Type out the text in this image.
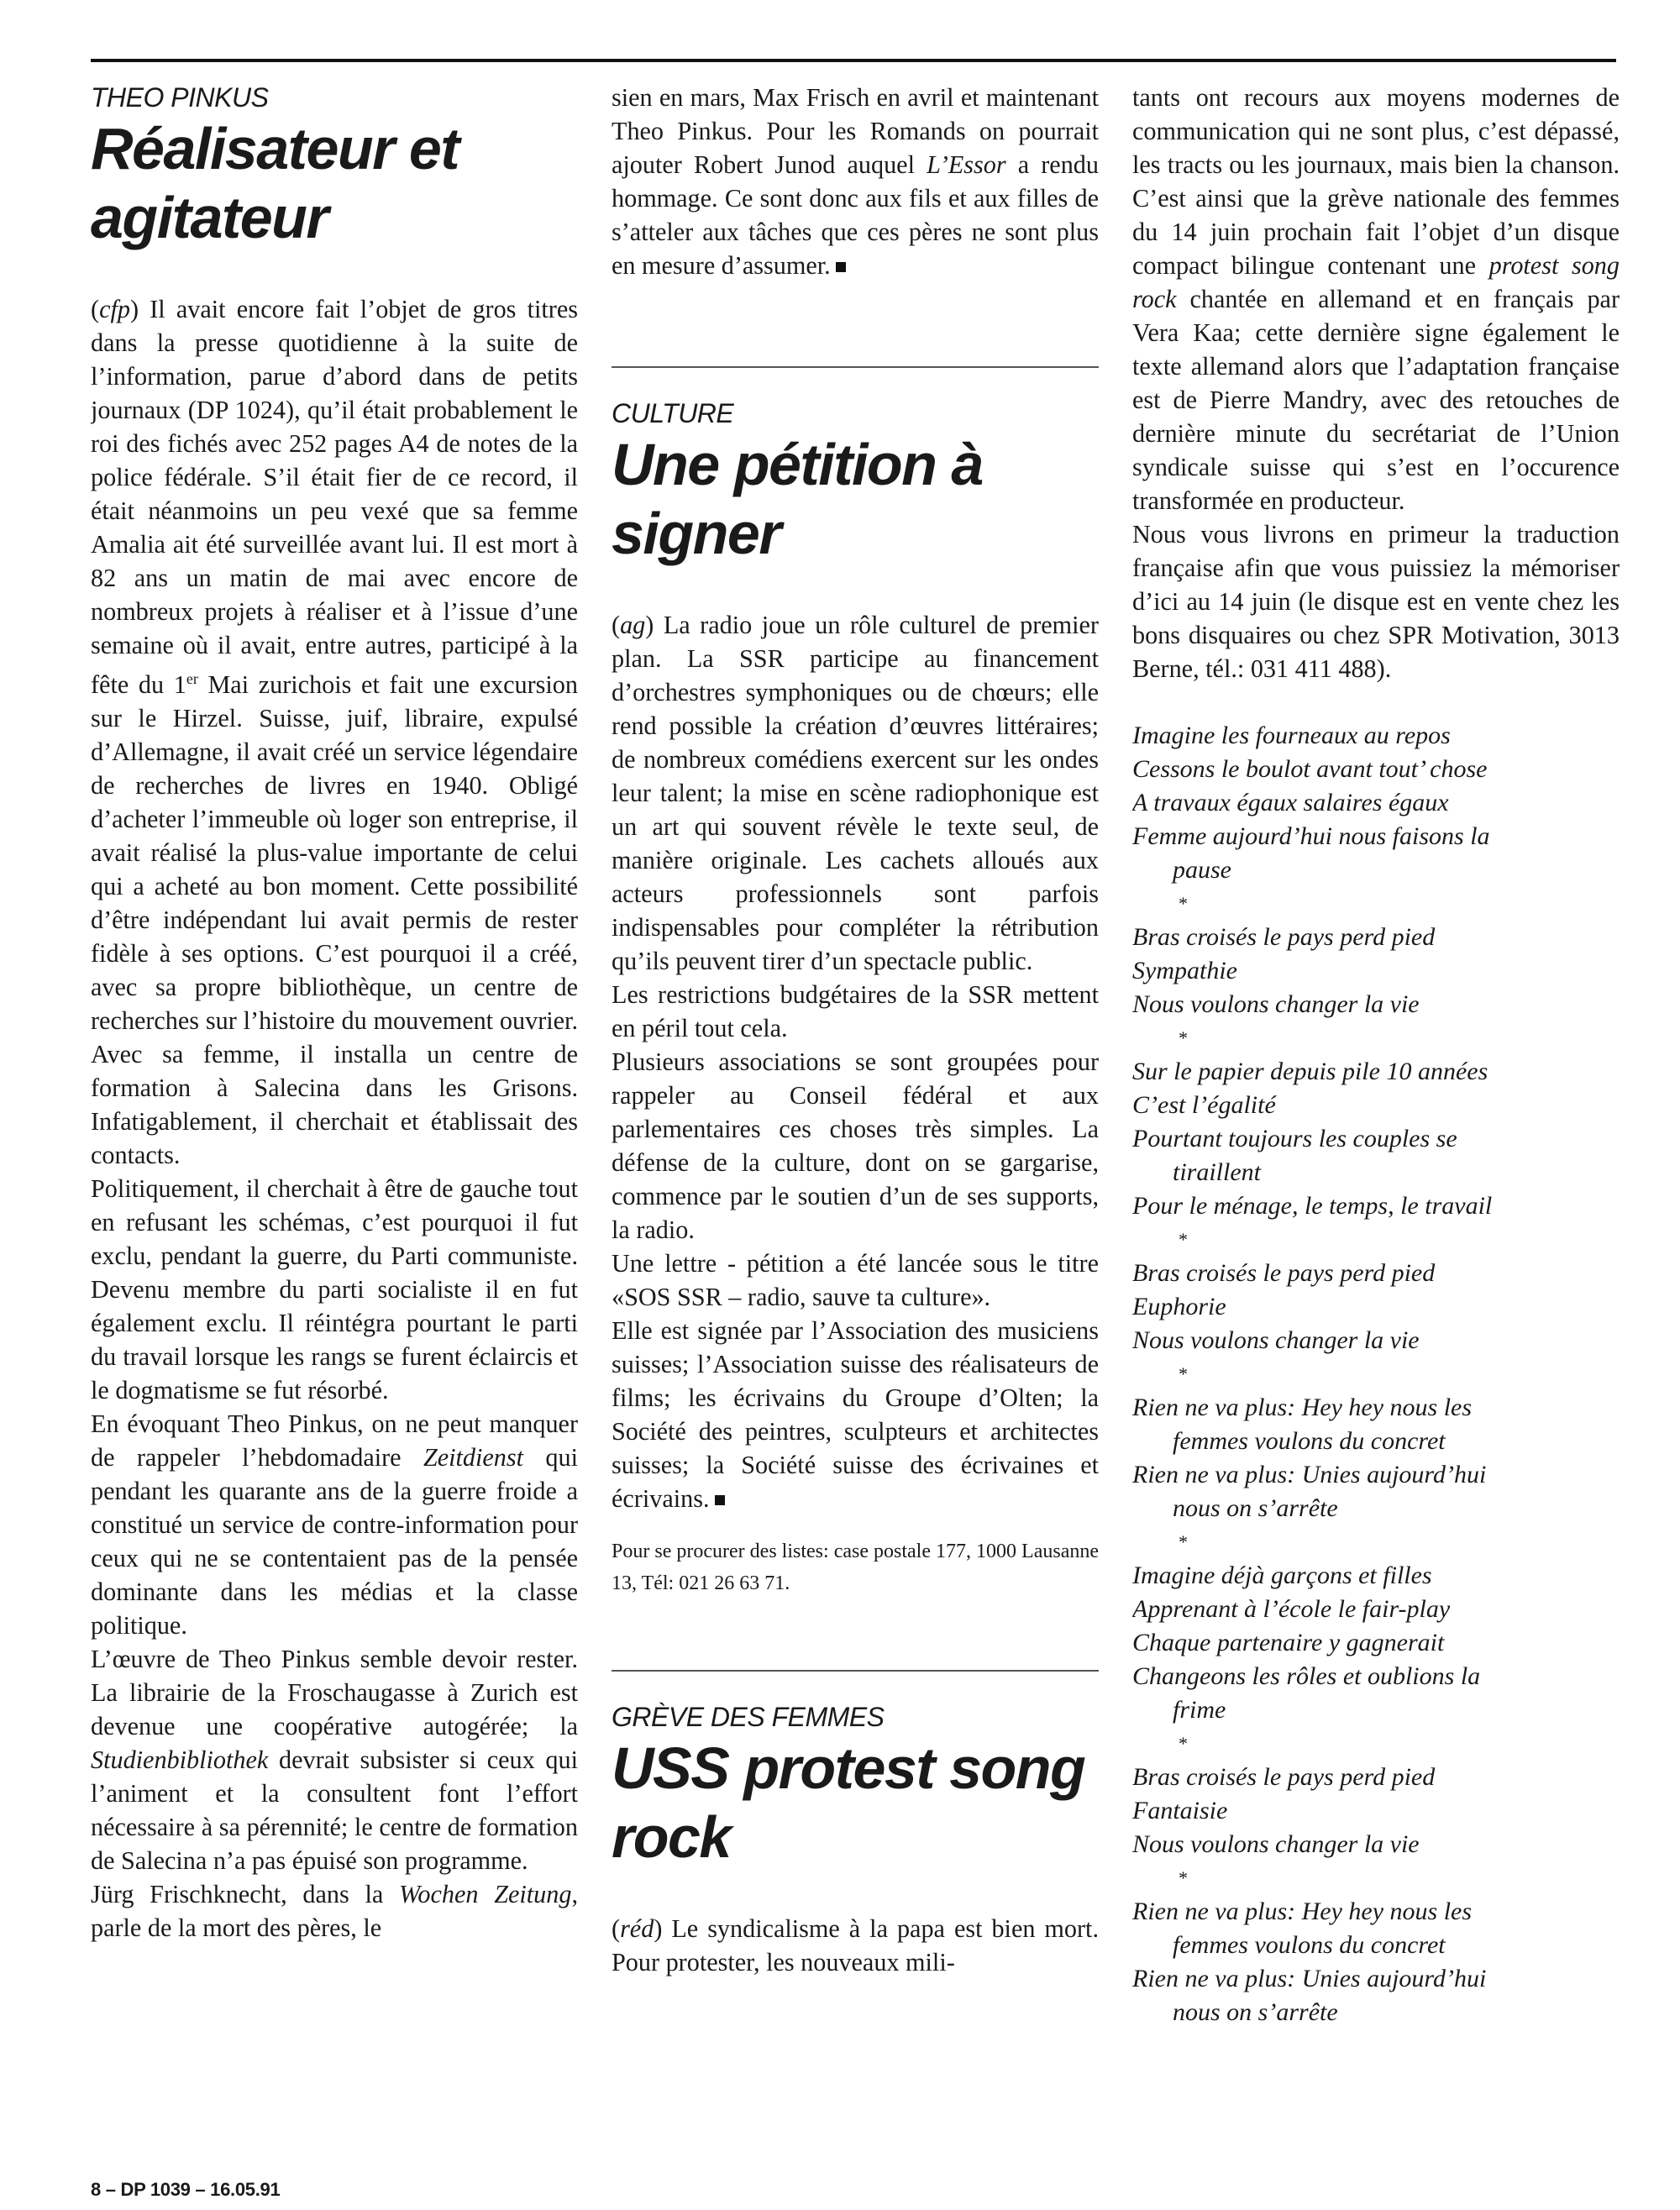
THEO PINKUS
Réalisateur et agitateur

(cfp) Il avait encore fait l’objet de gros titres dans la presse quotidienne à la suite de l’information, parue d’abord dans de petits journaux (DP 1024), qu’il était probablement le roi des fichés avec 252 pages A4 de notes de la police fédérale. S’il était fier de ce record, il était néanmoins un peu vexé que sa femme Amalia ait été surveillée avant lui. Il est mort à 82 ans un matin de mai avec encore de nombreux projets à réaliser et à l’issue d’une semaine où il avait, entre autres, participé à la fête du 1er Mai zurichois et fait une excursion sur le Hirzel. Suisse, juif, libraire, expulsé d’Allemagne, il avait créé un service légendaire de recherches de livres en 1940. Obligé d’acheter l’immeuble où loger son entreprise, il avait réalisé la plus-value importante de celui qui a acheté au bon moment. Cette possibilité d’être indépendant lui avait permis de rester fidèle à ses options. C’est pourquoi il a créé, avec sa propre bibliothèque, un centre de recherches sur l’histoire du mouvement ouvrier. Avec sa femme, il installa un centre de formation à Salecina dans les Grisons. Infatigablement, il cherchait et établissait des contacts.

Politiquement, il cherchait à être de gauche tout en refusant les schémas, c’est pourquoi il fut exclu, pendant la guerre, du Parti communiste. Devenu membre du parti socialiste il en fut également exclu. Il réintégra pourtant le parti du travail lorsque les rangs se furent éclaircis et le dogmatisme se fut résorbé.

En évoquant Theo Pinkus, on ne peut manquer de rappeler l’hebdomadaire Zeitdienst qui pendant les quarante ans de la guerre froide a constitué un service de contre-information pour ceux qui ne se contentaient pas de la pensée dominante dans les médias et la classe politique.

L’œuvre de Theo Pinkus semble devoir rester. La librairie de la Froschaugasse à Zurich est devenue une coopérative autogérée; la Studienbibliothek devrait subsister si ceux qui l’animent et la consultent font l’effort nécessaire à sa pérennité; le centre de formation de Salecina n’a pas épuisé son programme.

Jürg Frischknecht, dans la Wochen Zeitung, parle de la mort des pères, le

sien en mars, Max Frisch en avril et maintenant Theo Pinkus. Pour les Romands on pourrait ajouter Robert Junod auquel L’Essor a rendu hommage. Ce sont donc aux fils et aux filles de s’atteler aux tâches que ces pères ne sont plus en mesure d’assumer.

CULTURE
Une pétition à signer

(ag) La radio joue un rôle culturel de premier plan. La SSR participe au financement d’orchestres symphoniques ou de chœurs; elle rend possible la création d’œuvres littéraires; de nombreux comédiens exercent sur les ondes leur talent; la mise en scène radiophonique est un art qui souvent révèle le texte seul, de manière originale. Les cachets alloués aux acteurs professionnels sont parfois indispensables pour compléter la rétribution qu’ils peuvent tirer d’un spectacle public.

Les restrictions budgétaires de la SSR mettent en péril tout cela.

Plusieurs associations se sont groupées pour rappeler au Conseil fédéral et aux parlementaires ces choses très simples. La défense de la culture, dont on se gargarise, commence par le soutien d’un de ses supports, la radio.

Une lettre - pétition a été lancée sous le titre «SOS SSR – radio, sauve ta culture».

Elle est signée par l’Association des musiciens suisses; l’Association suisse des réalisateurs de films; les écrivains du Groupe d’Olten; la Société des peintres, sculpteurs et architectes suisses; la Société suisse des écrivaines et écrivains.

Pour se procurer des listes: case postale 177, 1000 Lausanne 13, Tél: 021 26 63 71.
GRÈVE DES FEMMES
USS protest song rock

(réd) Le syndicalisme à la papa est bien mort. Pour protester, les nouveaux mili-

tants ont recours aux moyens modernes de communication qui ne sont plus, c’est dépassé, les tracts ou les journaux, mais bien la chanson. C’est ainsi que la grève nationale des femmes du 14 juin prochain fait l’objet d’un disque compact bilingue contenant une protest song rock chantée en allemand et en français par Vera Kaa; cette dernière signe également le texte allemand alors que l’adaptation française est de Pierre Mandry, avec des retouches de dernière minute du secrétariat de l’Union syndicale suisse qui s’est en l’occurence transformée en producteur.

Nous vous livrons en primeur la traduction française afin que vous puissiez la mémoriser d’ici au 14 juin (le disque est en vente chez les bons disquaires ou chez SPR Motivation, 3013 Berne, tél.: 031 411 488).

Imagine les fourneaux au repos
Cessons le boulot avant tout’ chose
A travaux égaux salaires égaux
Femme aujourd’hui nous faisons la
pause
*
Bras croisés le pays perd pied
Sympathie
Nous voulons changer la vie
*
Sur le papier depuis pile 10 années
C’est l’égalité
Pourtant toujours les couples se
tiraillent
Pour le ménage, le temps, le travail
*
Bras croisés le pays perd pied
Euphorie
Nous voulons changer la vie
*
Rien ne va plus: Hey hey nous les
femmes voulons du concret
Rien ne va plus: Unies aujourd’hui
nous on s’arrête
*
Imagine déjà garçons et filles
Apprenant à l’école le fair-play
Chaque partenaire y gagnerait
Changeons les rôles et oublions la
frime
*
Bras croisés le pays perd pied
Fantaisie
Nous voulons changer la vie
*
Rien ne va plus: Hey hey nous les
femmes voulons du concret
Rien ne va plus: Unies aujourd’hui
nous on s’arrête
8 – DP 1039 – 16.05.91
